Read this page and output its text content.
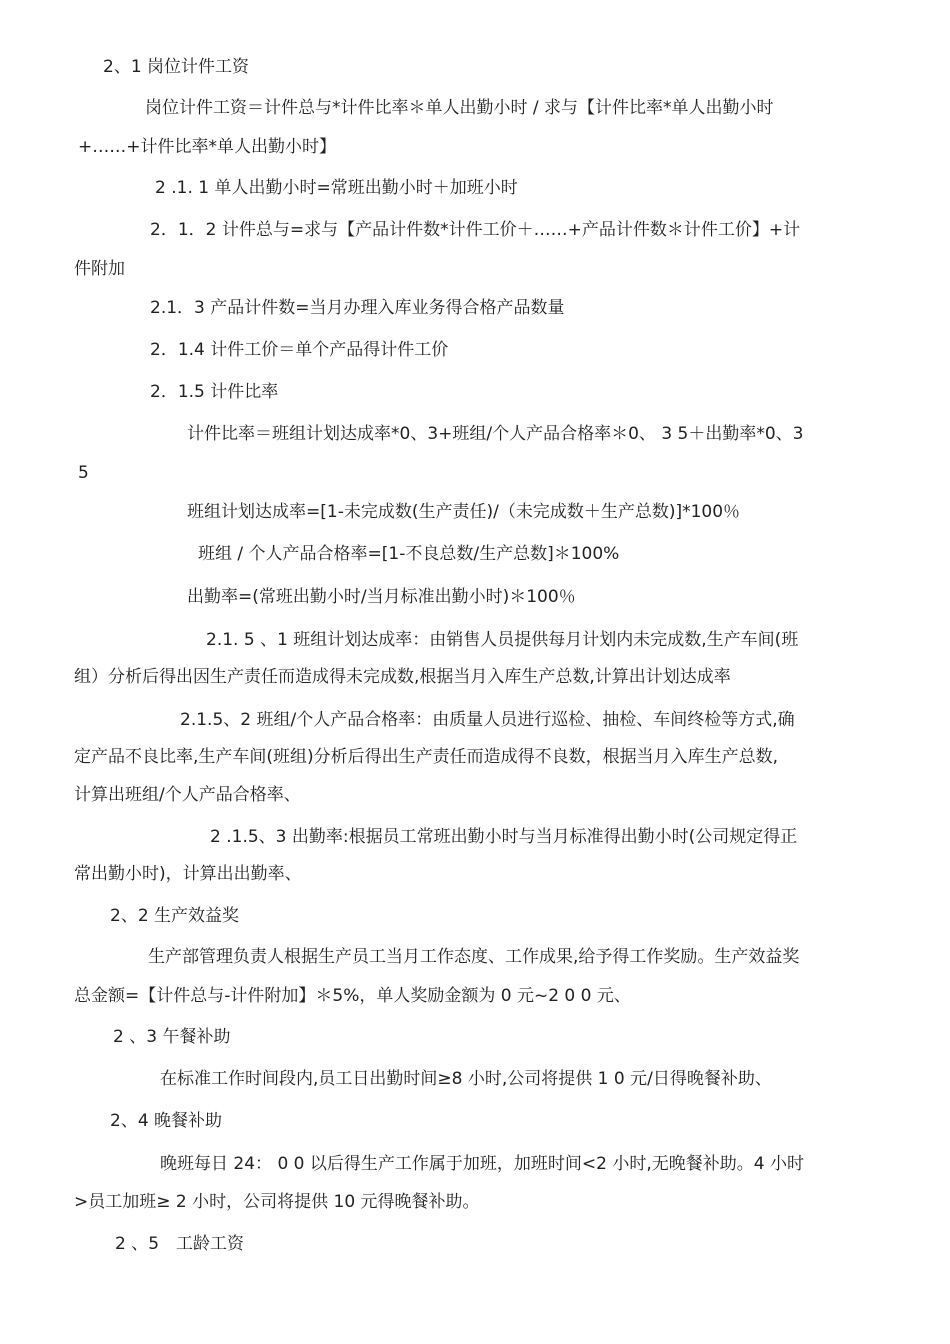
2、1 岗位计件工资

岗位计件工资＝计件总与*计件比率＊单人出勤小时 / 求与【计件比率*单人出勤小时

+……+计件比率*单人出勤小时】

2 .1. 1 单人出勤小时=常班出勤小时＋加班小时

2．1．2 计件总与=求与【产品计件数*计件工价＋……+产品计件数＊计件工价】+计

件附加

2.1．3 产品计件数=当月办理入库业务得合格产品数量

2．1.4 计件工价＝单个产品得计件工价

2．1.5 计件比率

计件比率＝班组计划达成率*0、3+班组/个人产品合格率＊0、 3 5＋出勤率*0、3

5

班组计划达成率=[1-未完成数(生产责任)/（未完成数＋生产总数)]*100％

班组 / 个人产品合格率=[1-不良总数/生产总数]＊100%

出勤率=(常班出勤小时/当月标准出勤小时)＊100％

2.1. 5 、1 班组计划达成率：由销售人员提供每月计划内未完成数,生产车间(班

组）分析后得出因生产责任而造成得未完成数,根据当月入库生产总数,计算出计划达成率

2.1.5、2 班组/个人产品合格率：由质量人员进行巡检、抽检、车间终检等方式,确

定产品不良比率,生产车间(班组)分析后得出生产责任而造成得不良数，根据当月入库生产总数,

计算出班组/个人产品合格率、

2 .1.5、3 出勤率:根据员工常班出勤小时与当月标准得出勤小时(公司规定得正

常出勤小时)，计算出出勤率、

2、2 生产效益奖

生产部管理负责人根据生产员工当月工作态度、工作成果,给予得工作奖励。生产效益奖

总金额=【计件总与-计件附加】＊5%，单人奖励金额为 0 元~2 0 0 元、

2 、3 午餐补助

在标准工作时间段内,员工日出勤时间≥8 小时,公司将提供 1 0 元/日得晚餐补助、

2、4 晚餐补助

晚班每日 24： 0 0 以后得生产工作属于加班，加班时间<2 小时,无晚餐补助。4 小时

>员工加班≥ 2 小时，公司将提供 10 元得晚餐补助。

2 、5　工龄工资
